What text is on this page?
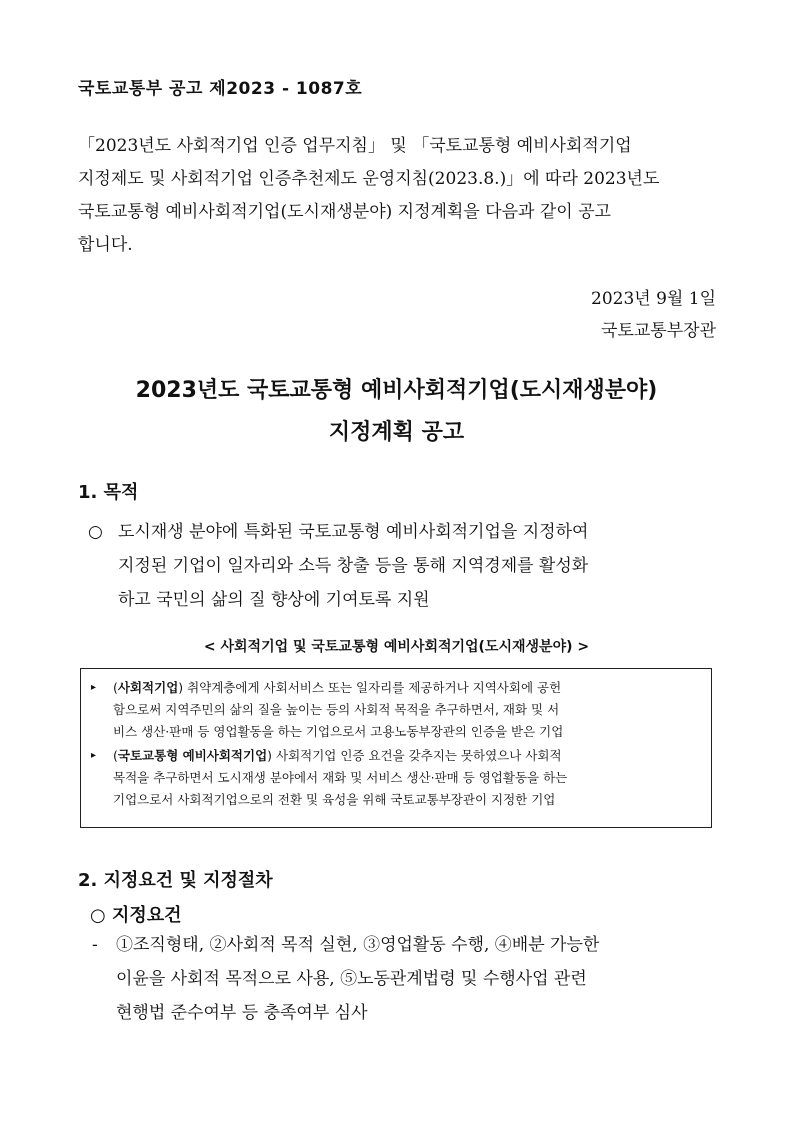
국토교통부 공고 제2023 - 1087호
「2023년도 사회적기업 인증 업무지침」 및 「국토교통형 예비사회적기업
지정제도 및 사회적기업 인증추천제도 운영지침(2023.8.)」에 따라 2023년도
국토교통형 예비사회적기업(도시재생분야) 지정계획을 다음과 같이 공고
합니다.
2023년 9월 1일
국토교통부장관
2023년도 국토교통형 예비사회적기업(도시재생분야)
지정계획 공고
1. 목적
○ 도시재생 분야에 특화된 국토교통형 예비사회적기업을 지정하여
지정된 기업이 일자리와 소득 창출 등을 통해 지역경제를 활성화
하고 국민의 삶의 질 향상에 기여토록 지원
< 사회적기업 및 국토교통형 예비사회적기업(도시재생분야) >
▸	(사회적기업) 취약계층에게 사회서비스 또는 일자리를 제공하거나 지역사회에 공헌
함으로써 지역주민의 삶의 질을 높이는 등의 사회적 목적을 추구하면서, 재화 및 서
비스 생산·판매 등 영업활동을 하는 기업으로서 고용노동부장관의 인증을 받은 기업
▸	(국토교통형 예비사회적기업) 사회적기업 인증 요건을 갖추지는 못하였으나 사회적
목적을 추구하면서 도시재생 분야에서 재화 및 서비스 생산·판매 등 영업활동을 하는
기업으로서 사회적기업으로의 전환 및 육성을 위해 국토교통부장관이 지정한 기업
2. 지정요건 및 지정절차
○ 지정요건
-	①조직형태, ②사회적 목적 실현, ③영업활동 수행, ④배분 가능한
이윤을 사회적 목적으로 사용, ⑤노동관계법령 및 수행사업 관련
현행법 준수여부 등 충족여부 심사
